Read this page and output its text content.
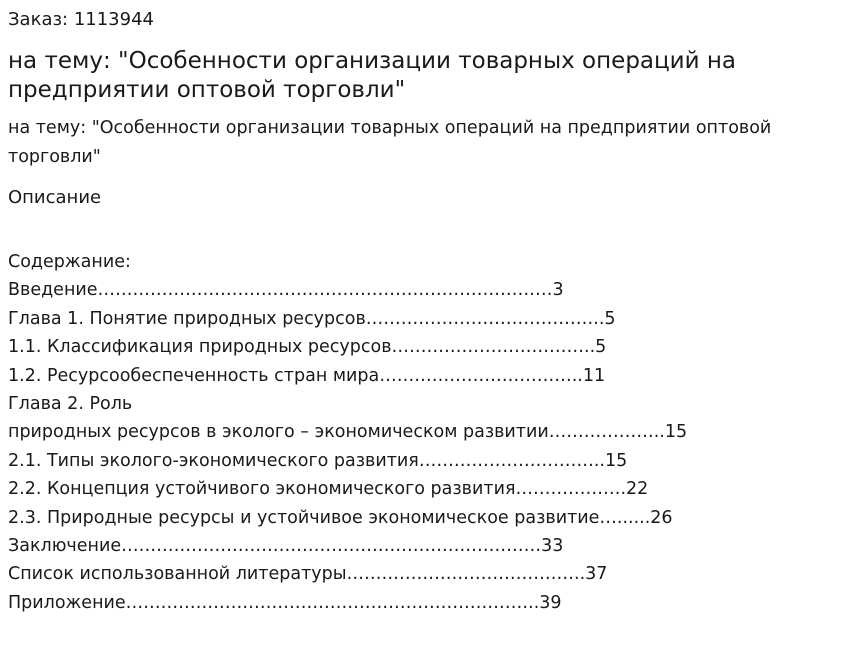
Заказ: 1113944
на тему: "Особенности организации товарных операций на предприятии оптовой торговли"
на тему: "Особенности организации товарных операций на предприятии оптовой торговли"
Описание
Содержание:
Введение……………………………………………………………………3
Глава 1. Понятие природных ресурсов…………………………………..5
1.1. Классификация природных ресурсов……………………………..5
1.2. Ресурсообеспеченность стран мира……………………………..11
Глава 2. Роль
природных ресурсов в эколого – экономическом развитии………………..15
2.1. Типы эколого-экономического развития…………………………..15
2.2. Концепция устойчивого экономического развития……………….22
2.3. Природные ресурсы и устойчивое экономическое развитие…......26
Заключение………………………………………………………………33
Список использованной литературы…………………………………..37
Приложение……………………………………………………………..39
